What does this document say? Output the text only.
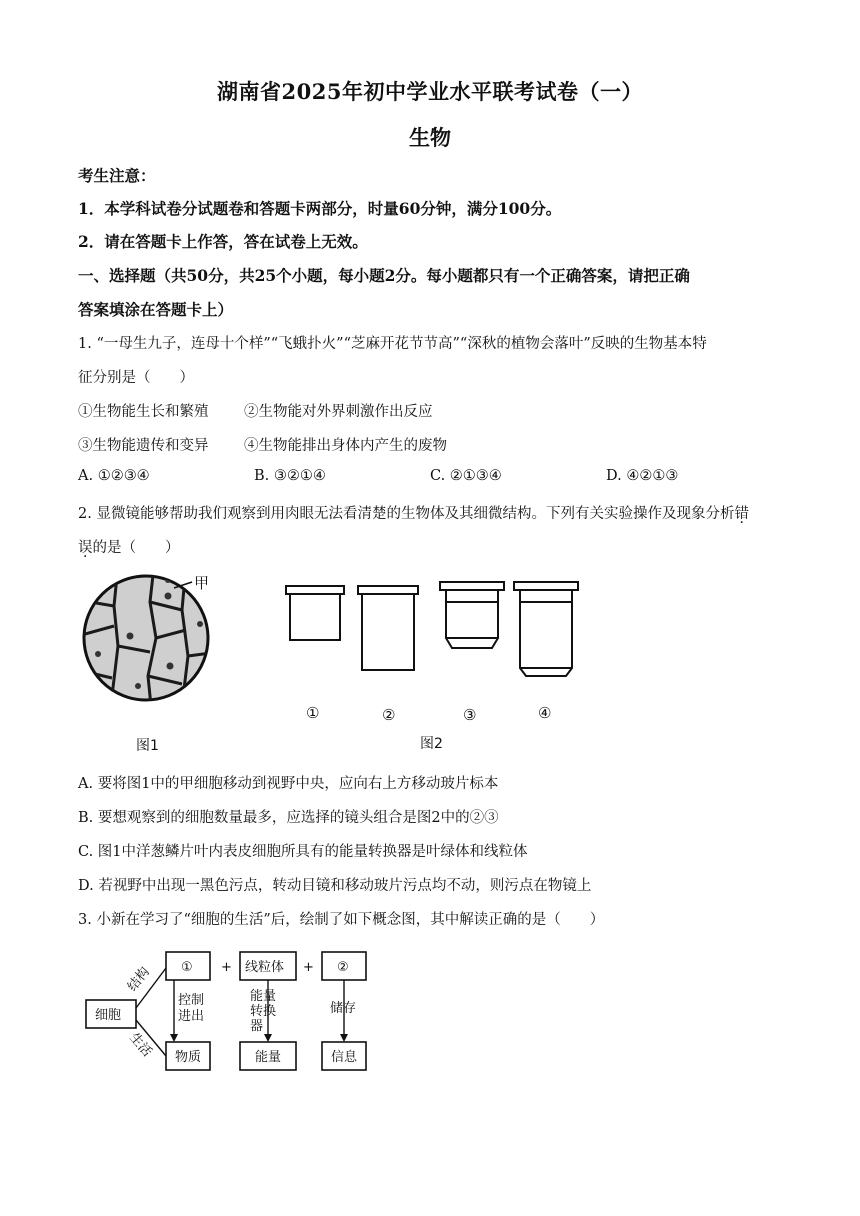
湖南省2025年初中学业水平联考试卷（一）
生物
考生注意：
1．本学科试卷分试题卷和答题卡两部分，时量60分钟，满分100分。
2．请在答题卡上作答，答在试卷上无效。
一、选择题（共50分，共25个小题，每小题2分。每小题都只有一个正确答案，请把正确
答案填涂在答题卡上）
1. “一母生九子，连母十个样”“飞蛾扑火”“芝麻开花节节高”“深秋的植物会落叶”反映的生物基本特
征分别是（　　）
①生物能生长和繁殖 ②生物能对外界刺激作出反应
③生物能遗传和变异 ④生物能排出身体内产生的废物
A. ①②③④	B. ③②①④	C. ②①③④	D. ④②①③
2. 显微镜能够帮助我们观察到用肉眼无法看清楚的生物体及其细微结构。下列有关实验操作及现象分析错
误的是（　　）
甲
图1
①	②	③	④
图2
A. 要将图1中的甲细胞移动到视野中央，应向右上方移动玻片标本
B. 要想观察到的细胞数量最多，应选择的镜头组合是图2中的②③
C. 图1中洋葱鳞片叶内表皮细胞所具有的能量转换器是叶绿体和线粒体
D. 若视野中出现一黑色污点，转动目镜和移动玻片污点均不动，则污点在物镜上
3. 小新在学习了“细胞的生活”后，绘制了如下概念图，其中解读正确的是（　　）
细胞
① + 线粒体 + ②
物质	能量	信息
控制
进出
能量
转换
器
储存
结构
生活
